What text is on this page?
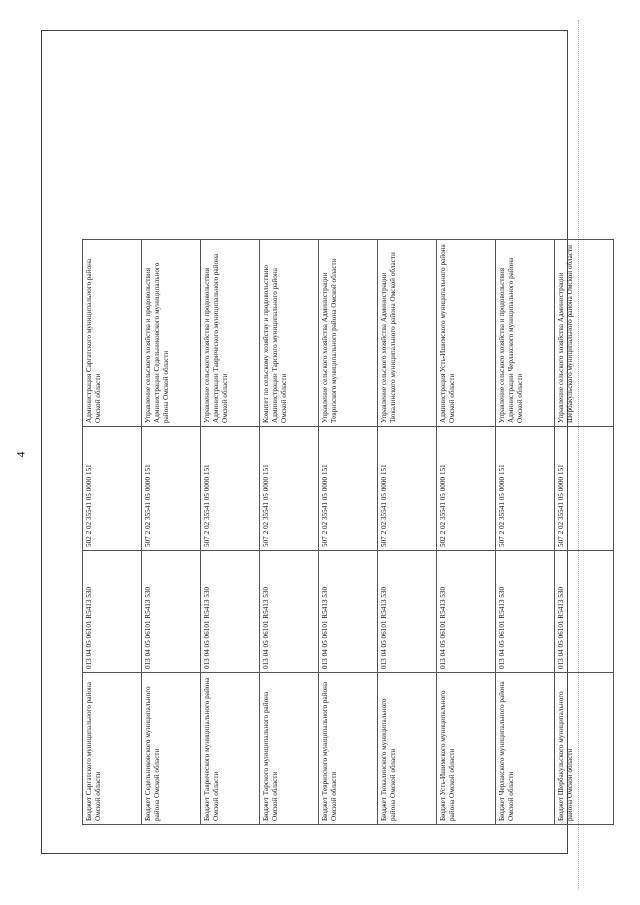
4
Бюджет Саргатского муниципального района Омской области	013 04 05 06101 R5413 530	502 2 02 35541 05 0000 151	Администрация Саргатского муниципального района Омской области
Бюджет Седельниковского муниципального района Омской области	013 04 05 06101 R5413 530	507 2 02 35541 05 0000 151	Управление сельского хозяйства и продовольствия Администрации Седельниковского муниципального района Омской области
Бюджет Таврического муниципального района Омской области	013 04 05 06101 R5413 530	507 2 02 35541 05 0000 151	Управление сельского хозяйства и продовольствия Администрации Таврического муниципального района Омской области
Бюджет Тарского муниципального района Омской области	013 04 05 06101 R5413 530	507 2 02 35541 05 0000 151	Комитет по сельскому хозяйству и продовольствию Администрации Тарского муниципального района Омской области
Бюджет Тевризского муниципального района Омской области	013 04 05 06101 R5413 530	507 2 02 35541 05 0000 151	Управление сельского хозяйства Администрации Тевризского муниципального района Омской области
Бюджет Тюкалинского муниципального района Омской области	013 04 05 06101 R5413 530	507 2 02 35541 05 0000 151	Управление сельского хозяйства Администрации Тюкалинского муниципального района Омской области
Бюджет Усть-Ишимского муниципального района Омской области	013 04 05 06101 R5413 530	502 2 02 35541 05 0000 151	Администрация Усть-Ишимского муниципального района Омской области
Бюджет Черлакского муниципального района Омской области	013 04 05 06101 R5413 530	507 2 02 35541 05 0000 151	Управление сельского хозяйства и продовольствия Администрации Черлакского муниципального района Омской области
Бюджет Шербакульского муниципального района Омской области	013 04 05 06101 R5413 530	507 2 02 35541 05 0000 151	Управление сельского хозяйства Администрации Шербакульского муниципального района Омской области
